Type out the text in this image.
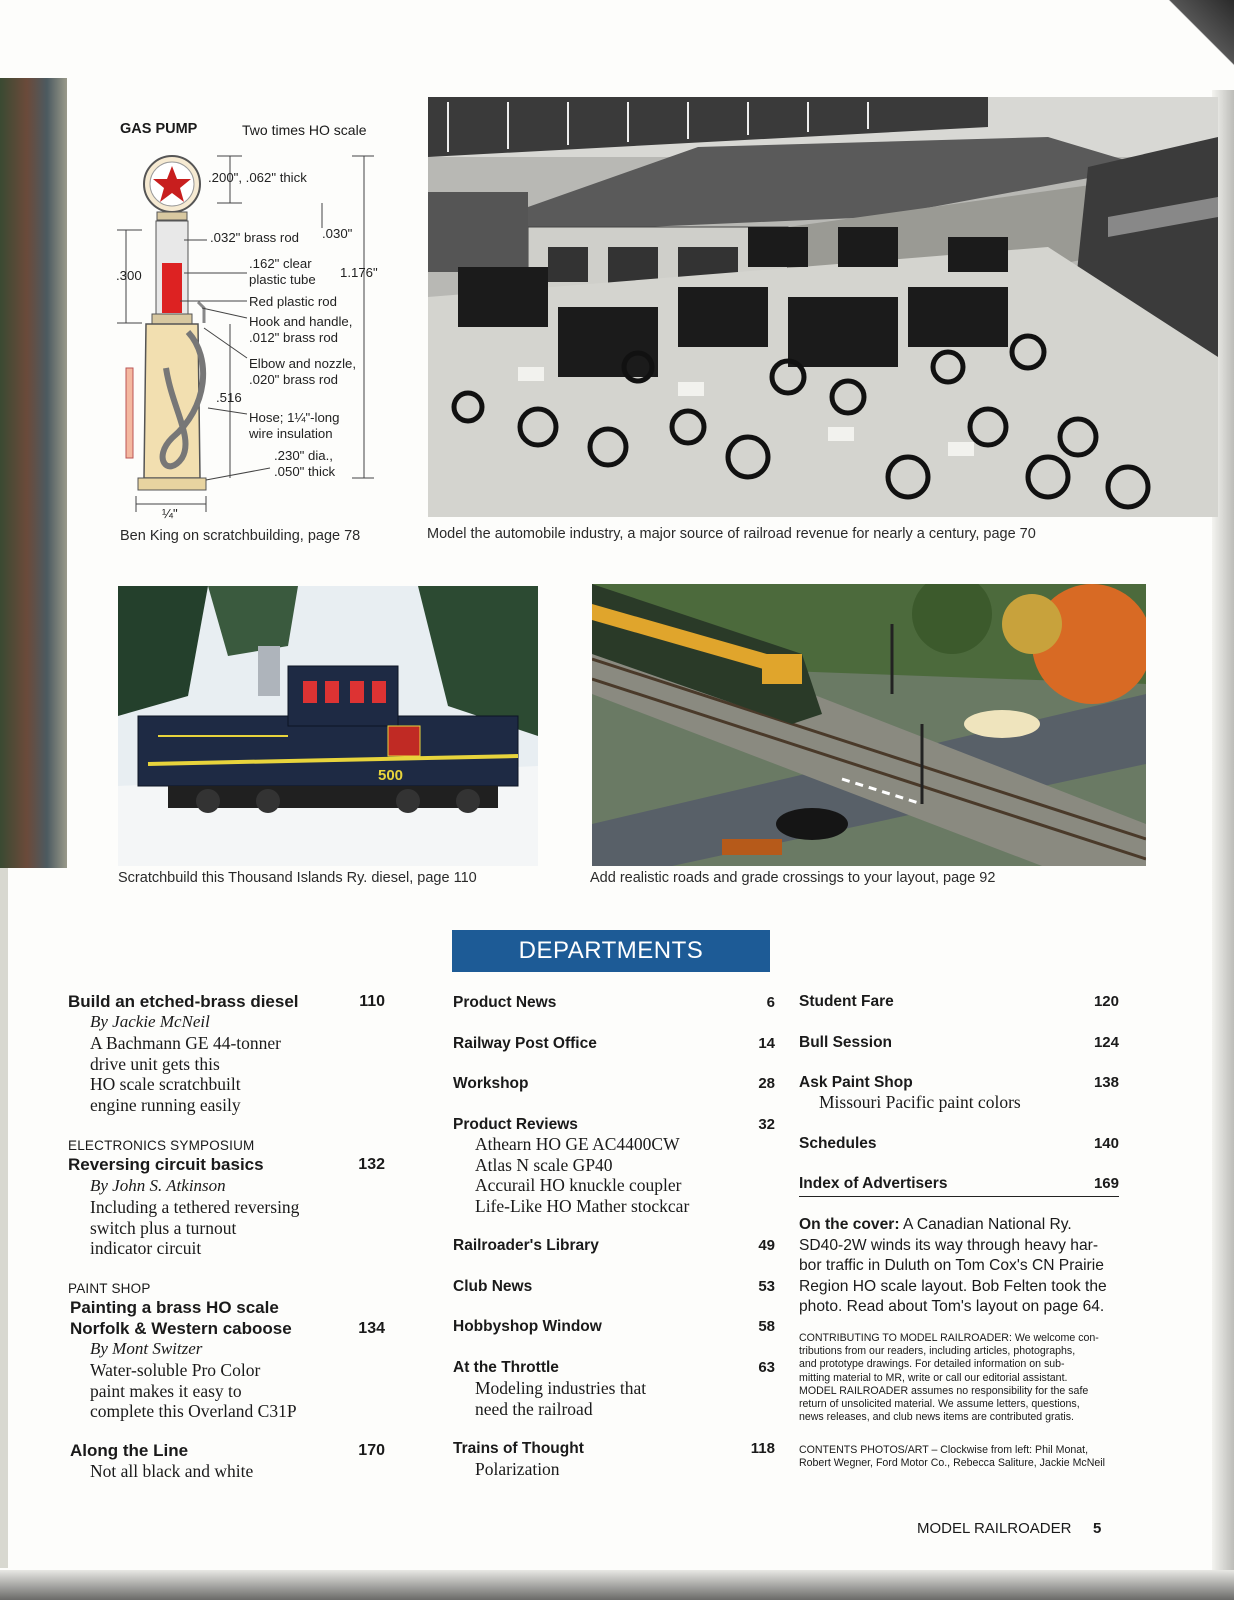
GAS PUMP	Two times HO scale
.200", .062" thick
.032" brass rod .030"
.162" clear
plastic tube 1.176"
.300
Red plastic rod
Hook and handle,
.012" brass rod
Elbow and nozzle,
.020" brass rod
.516
Hose; 1¼"-long
wire insulation
.230" dia.,
.050" thick
¼"
Ben King on scratchbuilding, page 78	Model the automobile industry, a major source of railroad revenue for nearly a century, page 70
500
Scratchbuild this Thousand Islands Ry. diesel, page 110	Add realistic roads and grade crossings to your layout, page 92
DEPARTMENTS
Build an etched-brass diesel	110
By Jackie McNeil
A Bachmann GE 44-tonner
drive unit gets this
HO scale scratchbuilt
engine running easily
ELECTRONICS SYMPOSIUM
Reversing circuit basics	132
By John S. Atkinson
Including a tethered reversing
switch plus a turnout
indicator circuit
PAINT SHOP
Painting a brass HO scale
Norfolk & Western caboose	134
By Mont Switzer
Water-soluble Pro Color
paint makes it easy to
complete this Overland C31P
Along the Line	170
Not all black and white
Product News	6
Railway Post Office	14
Workshop	28
Product Reviews	32
Athearn HO GE AC4400CW
Atlas N scale GP40
Accurail HO knuckle coupler
Life-Like HO Mather stockcar
Railroader's Library	49
Club News	53
Hobbyshop Window	58
At the Throttle	63
Modeling industries that
need the railroad
Trains of Thought	118
Polarization
Student Fare	120
Bull Session	124
Ask Paint Shop	138
Missouri Pacific paint colors
Schedules	140
Index of Advertisers	169
On the cover: A Canadian National Ry.
SD40-2W winds its way through heavy har-
bor traffic in Duluth on Tom Cox's CN Prairie
Region HO scale layout. Bob Felten took the
photo. Read about Tom's layout on page 64.
CONTRIBUTING TO MODEL RAILROADER: We welcome con-
tributions from our readers, including articles, photographs,
and prototype drawings. For detailed information on sub-
mitting material to MR, write or call our editorial assistant.
MODEL RAILROADER assumes no responsibility for the safe
return of unsolicited material. We assume letters, questions,
news releases, and club news items are contributed gratis.
CONTENTS PHOTOS/ART – Clockwise from left: Phil Monat,
Robert Wegner, Ford Motor Co., Rebecca Saliture, Jackie McNeil
MODEL RAILROADER 5
